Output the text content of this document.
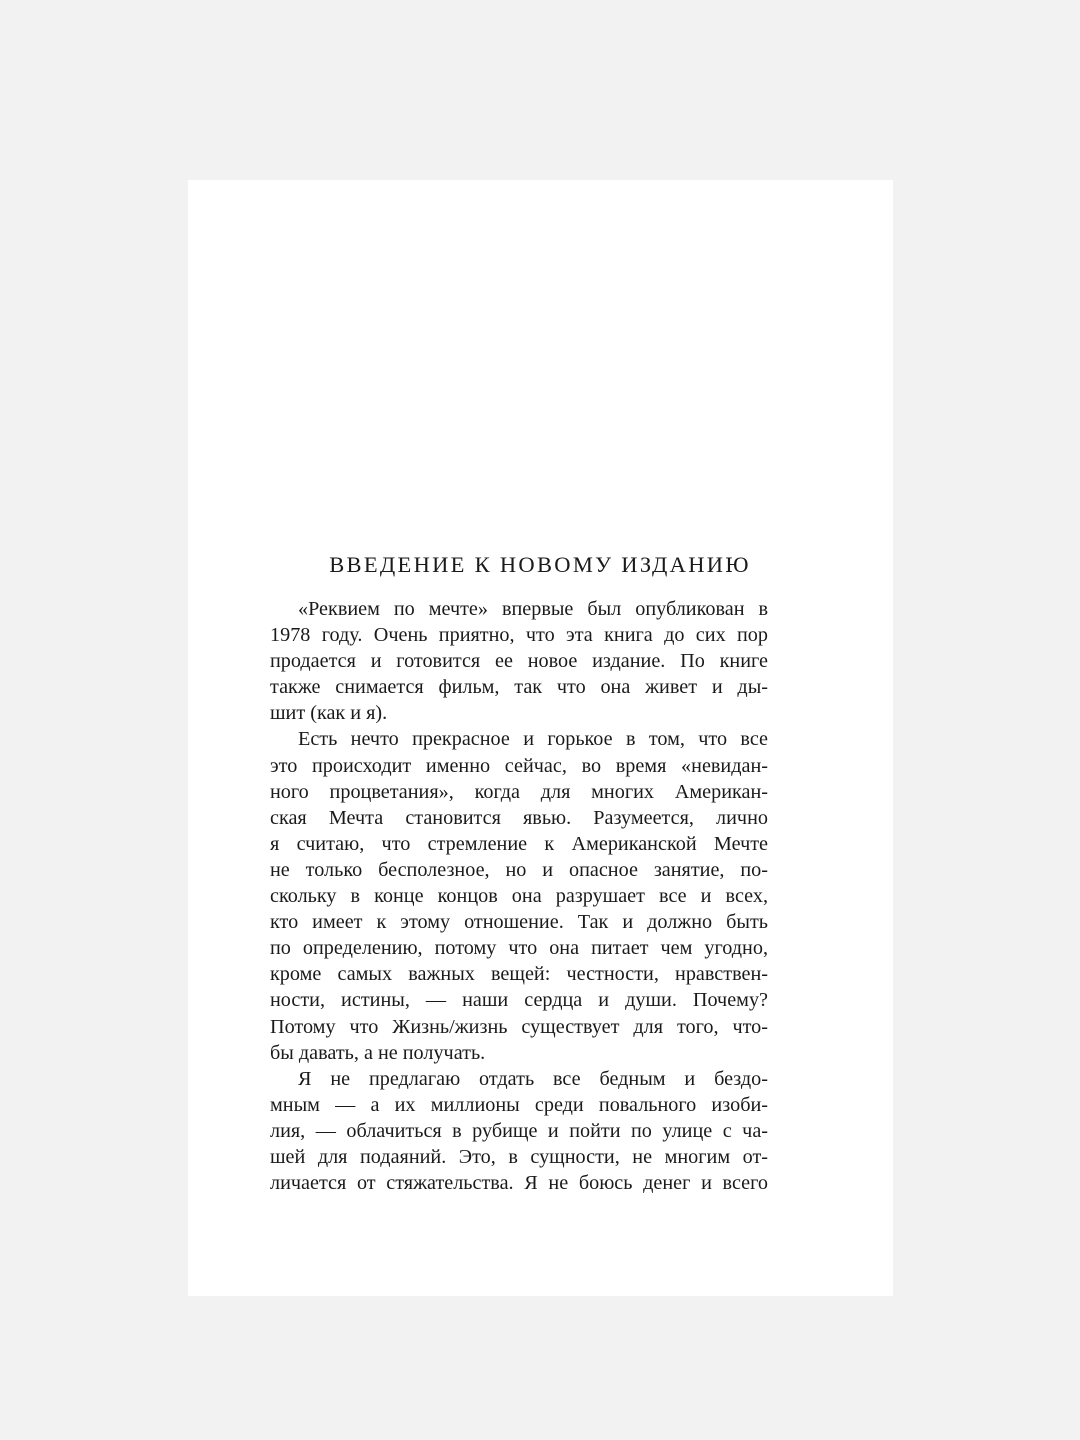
ВВЕДЕНИЕ К НОВОМУ ИЗДАНИЮ
«Реквием по мечте» впервые был опубликован в
1978 году. Очень приятно, что эта книга до сих пор
продается и готовится ее новое издание. По книге
также снимается фильм, так что она живет и ды-
шит (как и я).
Есть нечто прекрасное и горькое в том, что все
это происходит именно сейчас, во время «невидан-
ного процветания», когда для многих Американ-
ская Мечта становится явью. Разумеется, лично
я считаю, что стремление к Американской Мечте
не только бесполезное, но и опасное занятие, по-
скольку в конце концов она разрушает все и всех,
кто имеет к этому отношение. Так и должно быть
по определению, потому что она питает чем угодно,
кроме самых важных вещей: честности, нравствен-
ности, истины, — наши сердца и души. Почему?
Потому что Жизнь/жизнь существует для того, что-
бы давать, а не получать.
Я не предлагаю отдать все бедным и бездо-
мным — а их миллионы среди повального изоби-
лия, — облачиться в рубище и пойти по улице с ча-
шей для подаяний. Это, в сущности, не многим от-
личается от стяжательства. Я не боюсь денег и всего
